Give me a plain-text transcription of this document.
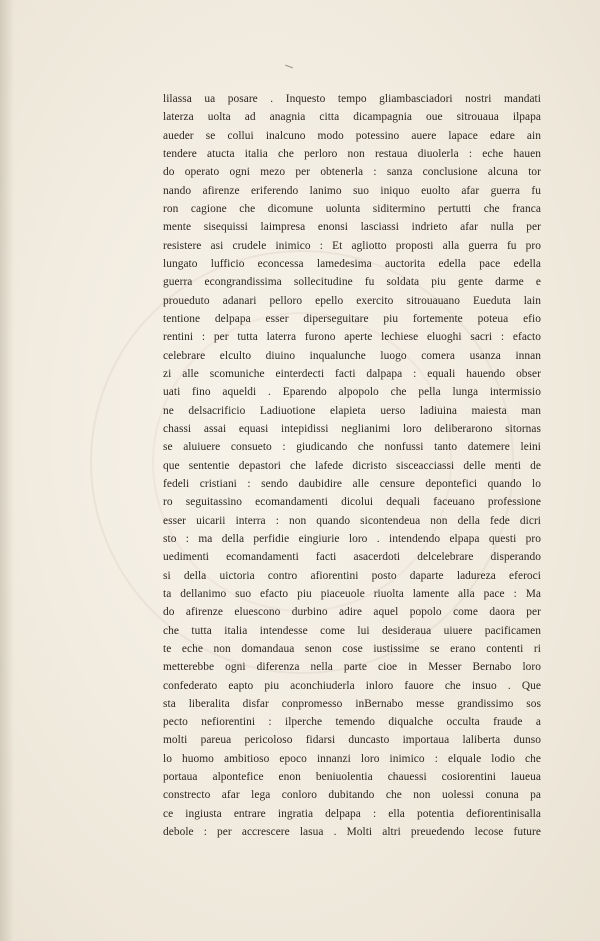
lilassa ua posare . Inquesto tempo gliambasciadori nostri mandati
laterza uolta ad anagnia citta dicampagnia oue sitrouaua ilpapa
aueder se collui inalcuno modo potessino auere lapace edare ain
tendere atucta italia che perloro non restaua diuolerla : eche hauen
do operato ogni mezo per obtenerla : sanza conclusione alcuna tor
nando afirenze eriferendo lanimo suo iniquo euolto afar guerra fu
ron cagione che dicomune uolunta siditermino pertutti che franca
mente sisequissi laimpresa enonsi lasciassi indrieto afar nulla per
resistere asi crudele inimico : Et agliotto proposti alla guerra fu pro
lungato lufficio econcessa lamedesima auctorita edella pace edella
guerra econgrandissima sollecitudine fu soldata piu gente darme e
proueduto adanari pelloro epello exercito sitrouauano Eueduta lain
tentione delpapa esser diperseguitare piu fortemente poteua efio
rentini : per tutta laterra furono aperte lechiese eluoghi sacri : efacto
celebrare elculto diuino inqualunche luogo comera usanza innan
zi alle scomuniche einterdecti facti dalpapa : equali hauendo obser
uati fino aqueldi . Eparendo alpopolo che pella lunga intermissio
ne delsacrificio Ladiuotione elapieta uerso ladiuina maiesta man
chassi assai equasi intepidissi neglianimi loro deliberarono sitornas
se aluiuere consueto : giudicando che nonfussi tanto datemere leini
que sententie depastori che lafede dicristo sisceacciassi delle menti de
fedeli cristiani : sendo daubidire alle censure depontefici quando lo
ro seguitassino ecomandamenti dicolui dequali faceuano professione
esser uicarii interra : non quando sicontendeua non della fede dicri
sto : ma della perfidie eingiurie loro . intendendo elpapa questi pro
uedimenti ecomandamenti facti asacerdoti delcelebrare disperando
si della uictoria contro afiorentini posto daparte ladureza eferoci
ta dellanimo suo efacto piu piaceuole riuolta lamente alla pace : Ma
do afirenze eluescono durbino adire aquel popolo come daora per
che tutta italia intendesse come lui desideraua uiuere pacificamen
te eche non domandaua senon cose iustissime se erano contenti ri
metterebbe ogni diferenza nella parte cioe in Messer Bernabo loro
confederato eapto piu aconchiuderla inloro fauore che insuo . Que
sta liberalita disfar conpromesso inBernabo messe grandissimo sos
pecto nefiorentini : ilperche temendo diqualche occulta fraude a
molti pareua pericoloso fidarsi duncasto importaua laliberta dunso
lo huomo ambitioso epoco innanzi loro inimico : elquale lodio che
portaua alpontefice enon beniuolentia chauessi cosiorentini laueua
constrecto afar lega conloro dubitando che non uolessi conuna pa
ce ingiusta entrare ingratia delpapa : ella potentia defiorentinisalla
debole : per accrescere lasua . Molti altri preuedendo lecose future
